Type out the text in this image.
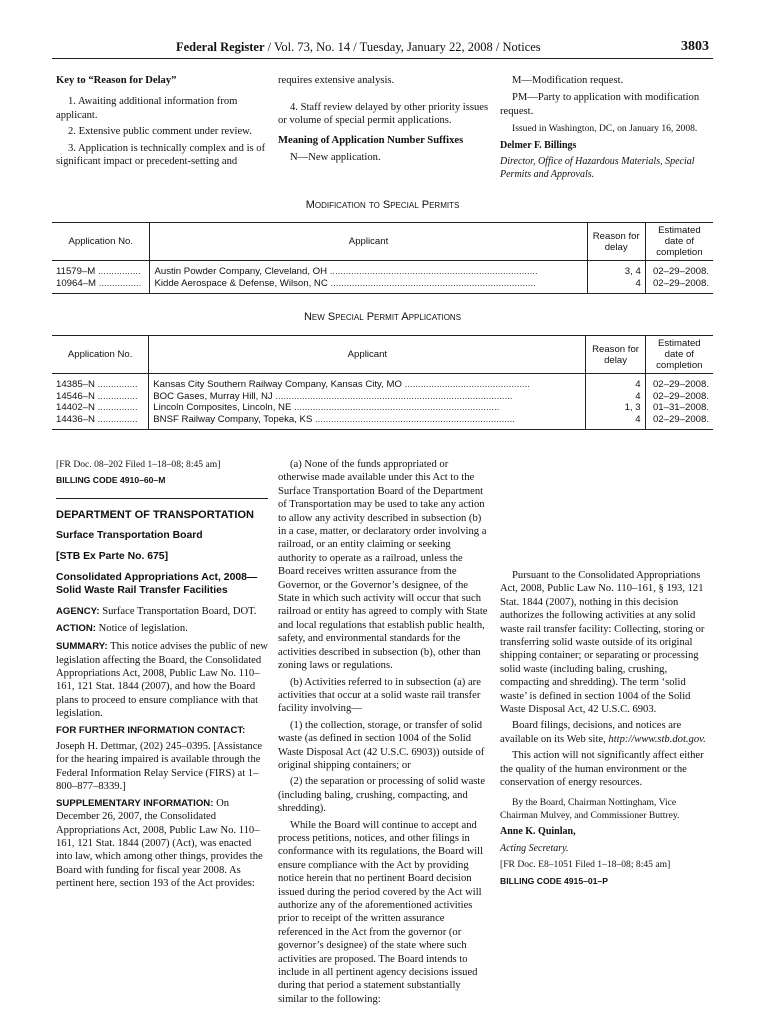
Federal Register / Vol. 73, No. 14 / Tuesday, January 22, 2008 / Notices	3803

Key to “Reason for Delay”

1. Awaiting additional information from applicant.

2. Extensive public comment under review.

3. Application is technically complex and is of significant impact or precedent-setting and

requires extensive analysis.

4. Staff review delayed by other priority issues or volume of special permit applications.

Meaning of Application Number Suffixes

N—New application.

M—Modification request.

PM—Party to application with modification request.

Issued in Washington, DC, on January 16, 2008.

Delmer F. Billings

Director, Office of Hazardous Materials, Special Permits and Approvals.

Modification to Special Permits
Application No.	Applicant	Reason for delay	Estimated date of completion
11579–M ................	Austin Powder Company, Cleveland, OH ..............................................................................	3, 4	02–29–2008.
10964–M ................	Kidde Aerospace & Defense, Wilson, NC .............................................................................	4	02–29–2008.
New Special Permit Applications
Application No.	Applicant	Reason for delay	Estimated date of completion
14385–N ...............	Kansas City Southern Railway Company, Kansas City, MO ...............................................	4	02–29–2008.
14546–N ...............	BOC Gases, Murray Hill, NJ .........................................................................................	4	02–29–2008.
14402–N ...............	Lincoln Composites, Lincoln, NE .............................................................................	1, 3	01–31–2008.
14436–N ...............	BNSF Railway Company, Topeka, KS ...........................................................................	4	02–29–2008.

[FR Doc. 08–202 Filed 1–18–08; 8:45 am]

BILLING CODE 4910–60–M

DEPARTMENT OF TRANSPORTATION

Surface Transportation Board

[STB Ex Parte No. 675]

Consolidated Appropriations Act, 2008—Solid Waste Rail Transfer Facilities

AGENCY: Surface Transportation Board, DOT.

ACTION: Notice of legislation.

SUMMARY: This notice advises the public of new legislation affecting the Board, the Consolidated Appropriations Act, 2008, Public Law No. 110–161, 121 Stat. 1844 (2007), and how the Board plans to proceed to ensure compliance with that legislation.

FOR FURTHER INFORMATION CONTACT:

Joseph H. Dettmar, (202) 245–0395. [Assistance for the hearing impaired is available through the Federal Information Relay Service (FIRS) at 1–800–877–8339.]

SUPPLEMENTARY INFORMATION: On December 26, 2007, the Consolidated Appropriations Act, 2008, Public Law No. 110–161, 121 Stat. 1844 (2007) (Act), was enacted into law, which among other things, provides the Board with funding for fiscal year 2008. As pertinent here, section 193 of the Act provides:

(a) None of the funds appropriated or otherwise made available under this Act to the Surface Transportation Board of the Department of Transportation may be used to take any action to allow any activity described in subsection (b) in a case, matter, or declaratory order involving a railroad, or an entity claiming or seeking authority to operate as a railroad, unless the Board receives written assurance from the Governor, or the Governor’s designee, of the State in which such activity will occur that such railroad or entity has agreed to comply with State and local regulations that establish public health, safety, and environmental standards for the activities described in subsection (b), other than zoning laws or regulations.

(b) Activities referred to in subsection (a) are activities that occur at a solid waste rail transfer facility involving—

(1) the collection, storage, or transfer of solid waste (as defined in section 1004 of the Solid Waste Disposal Act (42 U.S.C. 6903)) outside of original shipping containers; or

(2) the separation or processing of solid waste (including baling, crushing, compacting, and shredding).

While the Board will continue to accept and process petitions, notices, and other filings in conformance with its regulations, the Board will ensure compliance with the Act by providing notice herein that no pertinent Board decision issued during the period covered by the Act will authorize any of the aforementioned activities prior to receipt of the written assurance referenced in the Act from the governor (or governor’s designee) of the state where such activities are proposed. The Board intends to include in all pertinent agency decisions issued during that period a statement substantially similar to the following:

Pursuant to the Consolidated Appropriations Act, 2008, Public Law No. 110–161, § 193, 121 Stat. 1844 (2007), nothing in this decision authorizes the following activities at any solid waste rail transfer facility: Collecting, storing or transferring solid waste outside of its original shipping container; or separating or processing solid waste (including baling, crushing, compacting and shredding). The term ‘solid waste’ is defined in section 1004 of the Solid Waste Disposal Act, 42 U.S.C. 6903.

Board filings, decisions, and notices are available on its Web site, http://www.stb.dot.gov.

This action will not significantly affect either the quality of the human environment or the conservation of energy resources.

By the Board, Chairman Nottingham, Vice Chairman Mulvey, and Commissioner Buttrey.

Anne K. Quinlan,

Acting Secretary.

[FR Doc. E8–1051 Filed 1–18–08; 8:45 am]

BILLING CODE 4915–01–P
